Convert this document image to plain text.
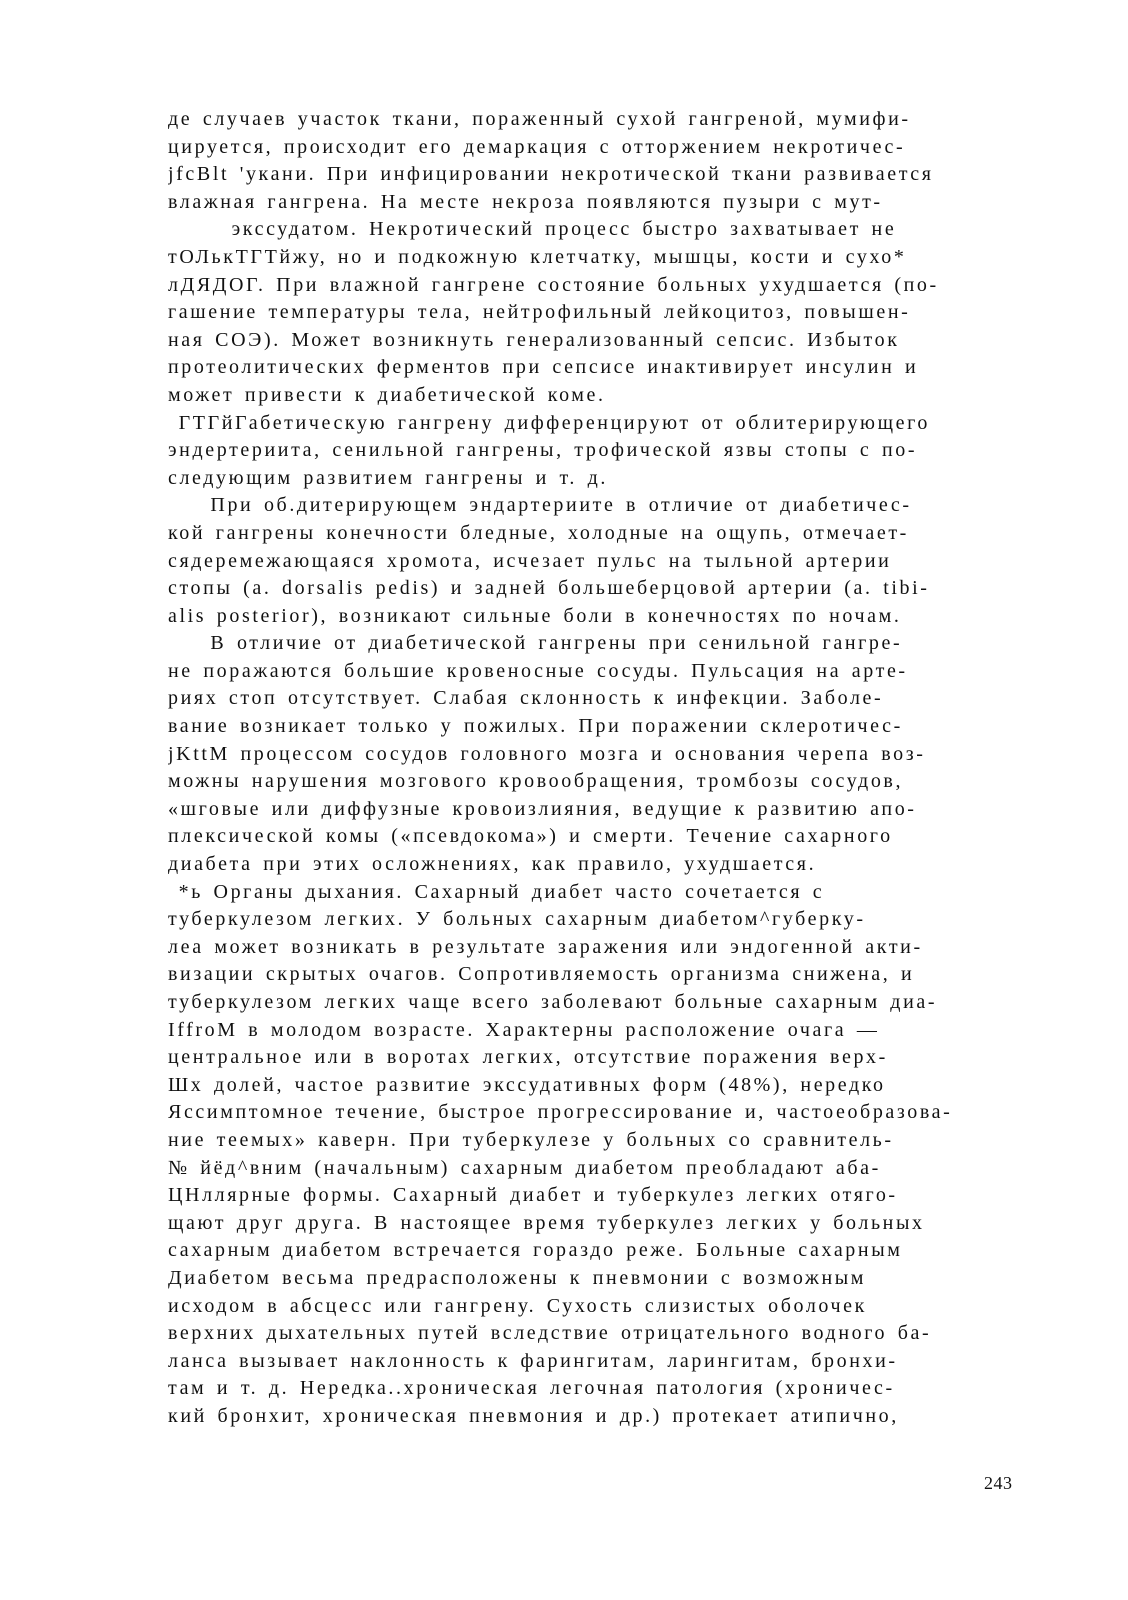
де случаев участок ткани, пораженный сухой гангреной, мумифи-
цируется, происходит его демаркация с отторжением некротичес-
jfcBlt 'укани. При инфицировании некротической ткани развивается
влажная гангрена. На месте некроза появляются пузыри с мут-
экссудатом. Некротический процесс быстро захватывает не
тОЛькТГТйжу, но и подкожную клетчатку, мышцы, кости и сухо*
лДЯДОГ. При влажной гангрене состояние больных ухудшается (по-
гашение температуры тела, нейтрофильный лейкоцитоз, повышен-
ная СОЭ). Может возникнуть генерализованный сепсис. Избыток
протеолитических ферментов при сепсисе инактивирует инсулин и
может привести к диабетической коме.
ГТГйГабетическую гангрену дифференцируют от облитерирующего
эндертериита, сенильной гангрены, трофической язвы стопы с по-
следующим развитием гангрены и т. д.
При об.дитерирующем эндартериите в отличие от диабетичес-
кой гангрены конечности бледные, холодные на ощупь, отмечает-
сядеремежающаяся хромота, исчезает пульс на тыльной артерии
стопы (a. dorsalis pedis) и задней большеберцовой артерии (a. tibi-
alis posterior), возникают сильные боли в конечностях по ночам.
В отличие от диабетической гангрены при сенильной гангре-
не поражаются большие кровеносные сосуды. Пульсация на арте-
риях стоп отсутствует. Слабая склонность к инфекции. Заболе-
вание возникает только у пожилых. При поражении склеротичес-
jKttM процессом сосудов головного мозга и основания черепа воз-
можны нарушения мозгового кровообращения, тромбозы сосудов,
«шговые или диффузные кровоизлияния, ведущие к развитию апо-
плексической комы («псевдокома») и смерти. Течение сахарного
диабета при этих осложнениях, как правило, ухудшается.
*ь Органы дыхания. Сахарный диабет часто сочетается с
туберкулезом легких. У больных сахарным диабетом^губерку-
леа может возникать в результате заражения или эндогенной акти-
визации скрытых очагов. Сопротивляемость организма снижена, и
туберкулезом легких чаще всего заболевают больные сахарным диа-
IffroM в молодом возрасте. Характерны расположение очага —
центральное или в воротах легких, отсутствие поражения верх-
Шх долей, частое развитие экссудативных форм (48%), нередко
Яссимптомное течение, быстрое прогрессирование и, частоеобразова-
ние теемых» каверн. При туберкулезе у больных со сравнитель-
№ йёд^вним (начальным) сахарным диабетом преобладают аба-
ЦНллярные формы. Сахарный диабет и туберкулез легких отяго-
щают друг друга. В настоящее время туберкулез легких у больных
сахарным диабетом встречается гораздо реже. Больные сахарным
Диабетом весьма предрасположены к пневмонии с возможным
исходом в абсцесс или гангрену. Сухость слизистых оболочек
верхних дыхательных путей вследствие отрицательного водного ба-
ланса вызывает наклонность к фарингитам, ларингитам, бронхи-
там и т. д. Нередка..хроническая легочная патология (хроничес-
кий бронхит, хроническая пневмония и др.) протекает атипично,
243
